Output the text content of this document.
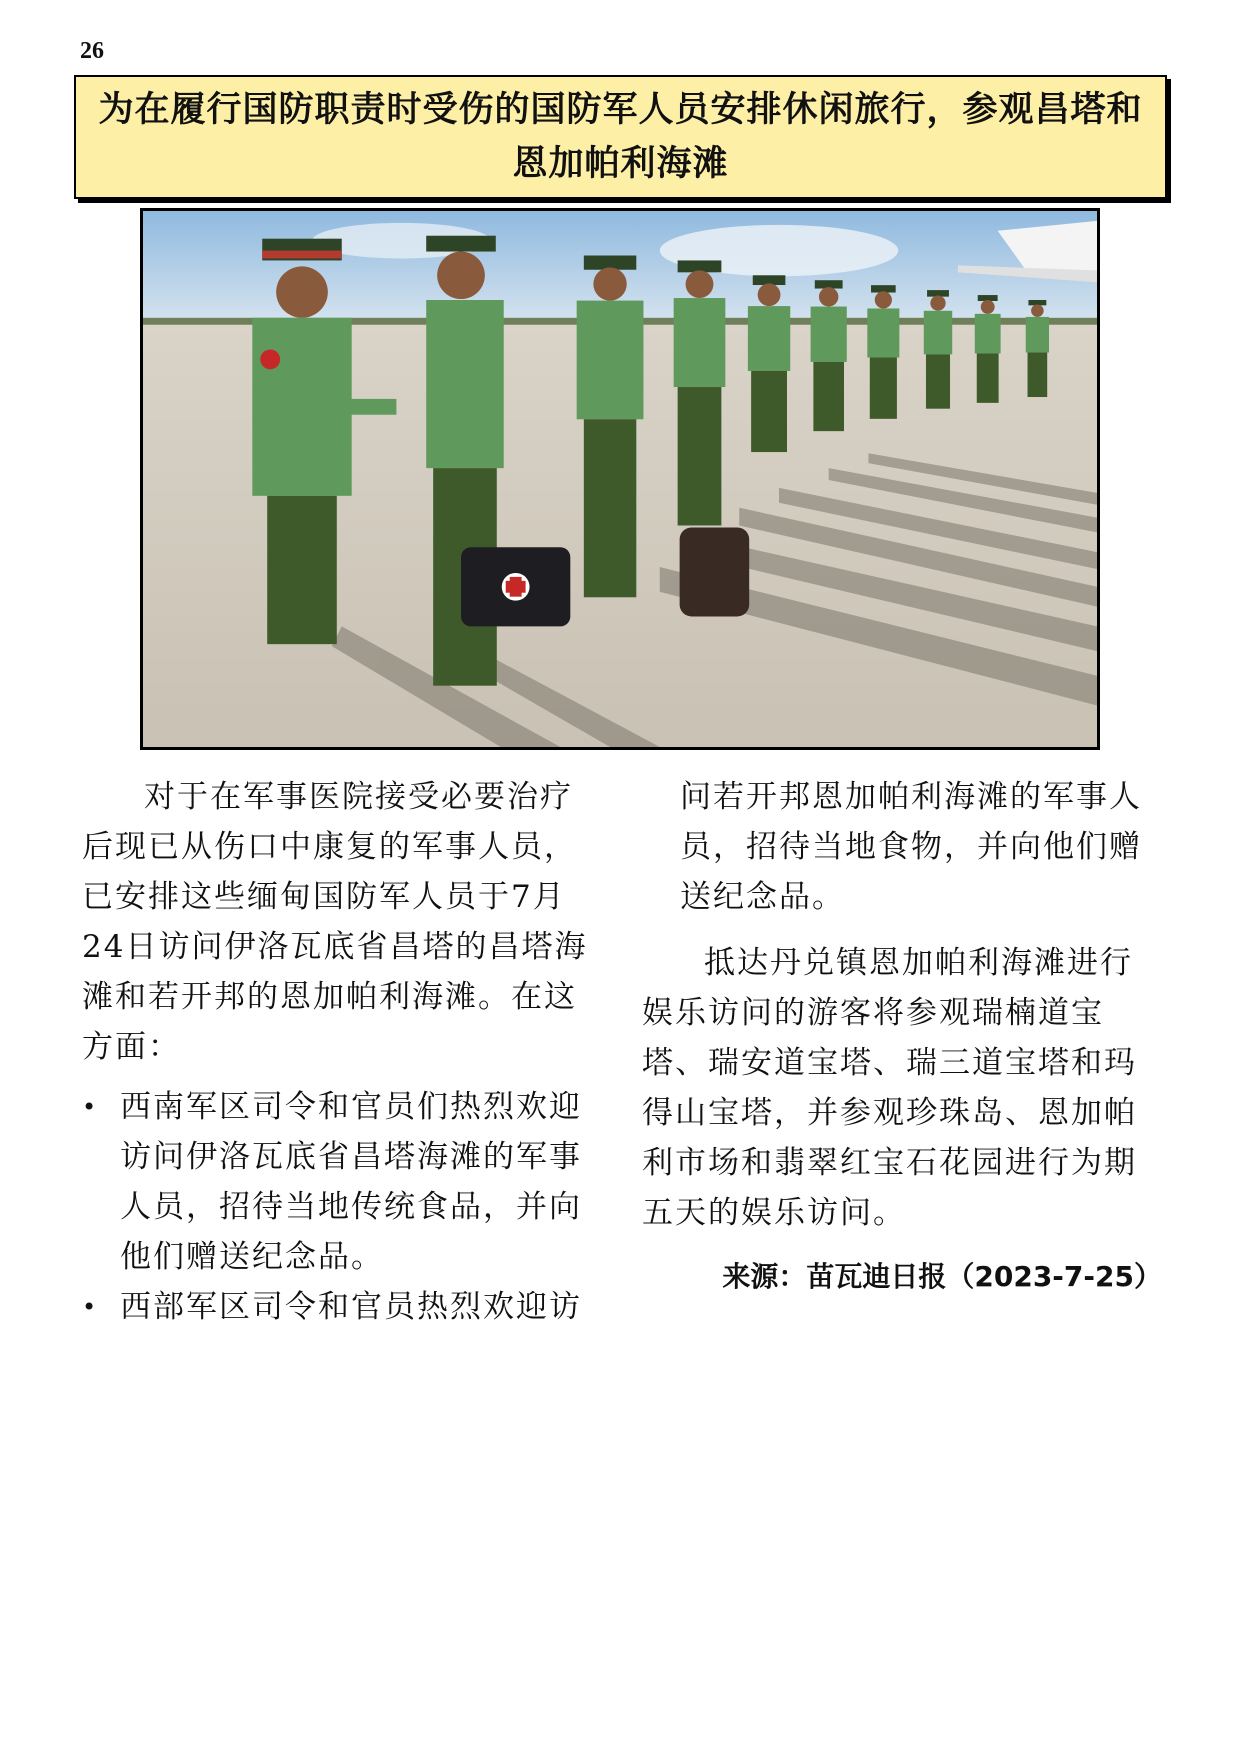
26
为在履行国防职责时受伤的国防军人员安排休闲旅行，参观昌塔和恩加帕利海滩

对于在军事医院接受必要治疗后现已从伤口中康复的军事人员，已安排这些缅甸国防军人员于7月24日访问伊洛瓦底省昌塔的昌塔海滩和若开邦的恩加帕利海滩。在这方面：

• 西南军区司令和官员们热烈欢迎访问伊洛瓦底省昌塔海滩的军事人员，招待当地传统食品，并向他们赠送纪念品。
• 西部军区司令和官员热烈欢迎访

问若开邦恩加帕利海滩的军事人员，招待当地食物，并向他们赠送纪念品。

抵达丹兑镇恩加帕利海滩进行娱乐访问的游客将参观瑞楠道宝塔、瑞安道宝塔、瑞三道宝塔和玛得山宝塔，并参观珍珠岛、恩加帕利市场和翡翠红宝石花园进行为期五天的娱乐访问。

来源：苗瓦迪日报（2023-7-25）
